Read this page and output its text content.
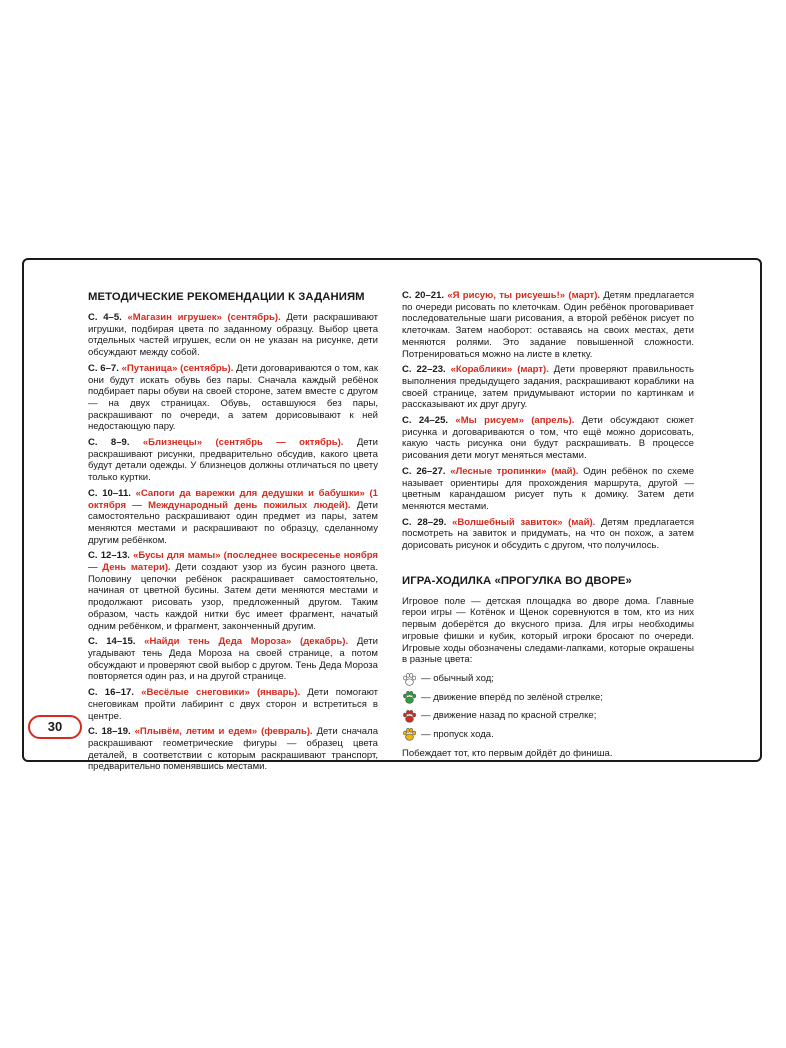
МЕТОДИЧЕСКИЕ РЕКОМЕНДАЦИИ К ЗАДАНИЯМ
С. 4–5. «Магазин игрушек» (сентябрь). Дети раскрашивают игрушки, подбирая цвета по заданному образцу. Выбор цвета отдельных частей игрушек, если он не указан на рисунке, дети обсуждают между собой.
С. 6–7. «Путаница» (сентябрь). Дети договариваются о том, как они будут искать обувь без пары. Сначала каждый ребёнок подбирает пары обуви на своей стороне, затем вместе с другом — на двух страницах. Обувь, оставшуюся без пары, раскрашивают по очереди, а затем дорисовывают к ней недостающую пару.
С. 8–9. «Близнецы» (сентябрь — октябрь). Дети раскрашивают рисунки, предварительно обсудив, какого цвета будут детали одежды. У близнецов должны отличаться по цвету только куртки.
С. 10–11. «Сапоги да варежки для дедушки и бабушки» (1 октября — Международный день пожилых людей). Дети самостоятельно раскрашивают один предмет из пары, затем меняются местами и раскрашивают по образцу, сделанному другим ребёнком.
С. 12–13. «Бусы для мамы» (последнее воскресенье ноября — День матери). Дети создают узор из бусин разного цвета. Половину цепочки ребёнок раскрашивает самостоятельно, начиная от цветной бусины. Затем дети меняются местами и продолжают рисовать узор, предложенный другом. Таким образом, часть каждой нитки бус имеет фрагмент, начатый одним ребёнком, и фрагмент, законченный другим.
С. 14–15. «Найди тень Деда Мороза» (декабрь). Дети угадывают тень Деда Мороза на своей странице, а потом обсуждают и проверяют свой выбор с другом. Тень Деда Мороза повторяется один раз, и на другой странице.
С. 16–17. «Весёлые снеговики» (январь). Дети помогают снеговикам пройти лабиринт с двух сторон и встретиться в центре.
С. 18–19. «Плывём, летим и едем» (февраль). Дети сначала раскрашивают геометрические фигуры — образец цвета деталей, в соответствии с которым раскрашивают транспорт, предварительно поменявшись местами.
С. 20–21. «Я рисую, ты рисуешь!» (март). Детям предлагается по очереди рисовать по клеточкам. Один ребёнок проговаривает последовательные шаги рисования, а второй ребёнок рисует по клеточкам. Затем наоборот: оставаясь на своих местах, дети меняются ролями. Это задание повышенной сложности. Потренироваться можно на листе в клетку.
С. 22–23. «Кораблики» (март). Дети проверяют правильность выполнения предыдущего задания, раскрашивают кораблики на своей странице, затем придумывают истории по картинкам и рассказывают их друг другу.
С. 24–25. «Мы рисуем» (апрель). Дети обсуждают сюжет рисунка и договариваются о том, что ещё можно дорисовать, какую часть рисунка они будут раскрашивать. В процессе рисования дети могут меняться местами.
С. 26–27. «Лесные тропинки» (май). Один ребёнок по схеме называет ориентиры для прохождения маршрута, другой — цветным карандашом рисует путь к домику. Затем дети меняются местами.
С. 28–29. «Волшебный завиток» (май). Детям предлагается посмотреть на завиток и придумать, на что он похож, а затем дорисовать рисунок и обсудить с другом, что получилось.
ИГРА-ХОДИЛКА «ПРОГУЛКА ВО ДВОРЕ»
Игровое поле — детская площадка во дворе дома. Главные герои игры — Котёнок и Щенок соревнуются в том, кто из них первым доберётся до вкусного приза. Для игры необходимы игровые фишки и кубик, который игроки бросают по очереди. Игровые ходы обозначены следами-лапками, которые окрашены в разные цвета:
— обычный ход;
— движение вперёд по зелёной стрелке;
— движение назад по красной стрелке;
— пропуск хода.
Побеждает тот, кто первым дойдёт до финиша.
30
